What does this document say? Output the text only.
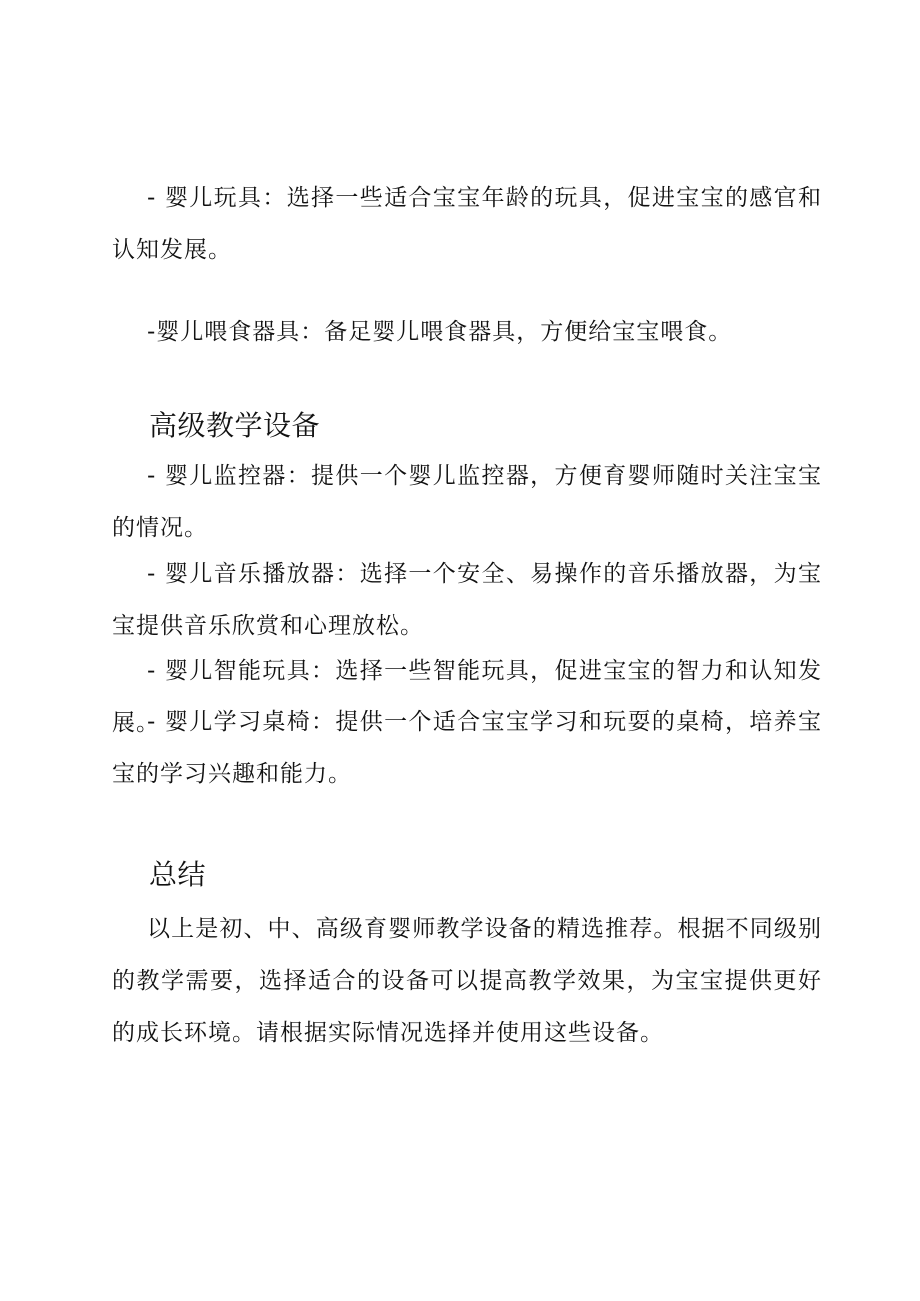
- 婴儿玩具：选择一些适合宝宝年龄的玩具，促进宝宝的感官和认知发展。

-婴儿喂食器具：备足婴儿喂食器具，方便给宝宝喂食。

高级教学设备

- 婴儿监控器：提供一个婴儿监控器，方便育婴师随时关注宝宝的情况。

- 婴儿音乐播放器：选择一个安全、易操作的音乐播放器，为宝宝提供音乐欣赏和心理放松。

- 婴儿智能玩具：选择一些智能玩具，促进宝宝的智力和认知发展。

- 婴儿学习桌椅：提供一个适合宝宝学习和玩耍的桌椅，培养宝宝的学习兴趣和能力。

总结

以上是初、中、高级育婴师教学设备的精选推荐。根据不同级别的教学需要，选择适合的设备可以提高教学效果，为宝宝提供更好的成长环境。请根据实际情况选择并使用这些设备。
